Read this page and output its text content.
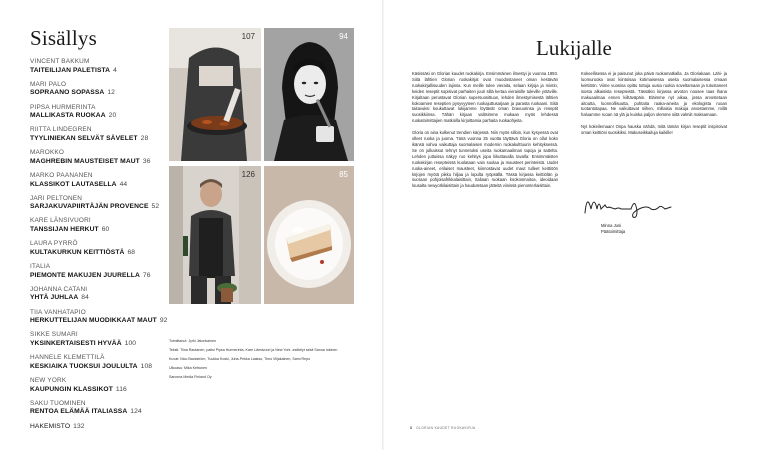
Sisällys
VINCENT BAKKUM
TAITEILIJAN PALETISTA 4
MARI PALO
SOPRAANO SOPASSA 12
PIPSA HURMERINTA
MALLIKASTA RUOKAA 20
RIITTA LINDEGREN
TYYLINIEKAN SELVÄT SÄVELET 28
MAROKKO
MAGHREBIN MAUSTEISET MAUT 36
MARKO PAANANEN
KLASSIKOT LAUTASELLA 44
JARI PELTONEN
SARJAKUVAPIIRTÄJÄN PROVENCE 52
KARE LÄNSIVUORI
TANSSIJAN HERKUT 60
LAURA PYRRÖ
KULTAKURKUN KEITTIÖSTÄ 68
ITALIA
PIEMONTE MAKUJEN JUURELLA 76
JOHANNA CATANI
YHTÄ JUHLAA 84
TIIA VANHATAPIO
HERKUTTELIJAN MUODIKKAAT MAUT 92
SIKKE SUMARI
YKSINKERTAISESTI HYVÄÄ 100
HANNELE KLEMETTILÄ
KESKIAIKA TUOKSUI JOULULTA 108
NEW YORK
KAUPUNGIN KLASSIKOT 116
SAKU TUOMINEN
RENTOA ELÄMÄÄ ITALIASSA 124
HAKEMISTO 132
107	94
126	85

Toimittanut: Jyrki Jalonkainen

Teksti: Tiina Rautanen, paitsi Pipsa Hurmerinta, Kare Länsivuori ja New York -esittelyt sekä Sanna Inkinen

Kuvat: Nico Backström, Tuukka Koski, Juha-Pekka Laakso, Timo Viljakainen, Sami Repo

Ulkoasu: Mika Kettunen

Sanoma Media Finland Oy

Lukijalle

Käsissäsi on Glorian kaudet ruokakirja. Ensimmäinen ilmestyi jo vuonna 1993. Siitä lähtien Glorian ruokakirjat ovat muodostaneet oman kestävän ruokakirjallisuuden lajinsa. Kun meille tulee vieraita, selaan kirjoja ja mietin, keiden reseptit sopisivat parhaiten juuri sillä kertaa vieraisille tuleville ystäville. Kirjaltaan perustavat Glorian supersuosittuun, lehden ilmestymisestä lähtien kokoamien reseptien pysyvyyteen ruokajuttusarjaan ja parasta ruokaani. Siitä taitavuksi koukuttavat lukijamme löytävät oman bravuurinsa ja reseptit suosikkiinsa. Tähän kirjaan valitsimme mukaan myös lehdessä ruokatoimittajien matkoilla kirjoittamia parhaita ruokaohjeita.

Gloria on aina kulkenut trendien kärjessä. Niin myös silloin, kun kysyessä ovat olleet ruoka ja juoma. Tänä vuonna 25 vuotta täyttävä Gloria on ollut koko ikänsä vahva vaikuttaja suomalaisen modernin ruokakulttuurin kehityksessä. Se on julkaissut tehnyt tunnetuksi useita ruokamaailman tapoja ja sattelta. Lehden juttuissa näkyy ruo kehitys jopa liikuttavalla tavalla: Ensimmäisten ruokakirjan resepteissä kuolataan vain suolaa ja mausteet perinteistä. Uudet ruoka-aineet, erilaiset mausteet, kiinnostavat uudet maut tulleet keittiöön kirjojen myötä pikku hiljaa ja lopulta ryöpsällä. Tässä kirjassa keittiölän jo suoraan pohjoisafrikkalaisittain, Italiaan ruokaan kookosmaitoa, ideoidaan lousalta newyorkilaisittain ja haudutetaan jätteitä viinissä pienonterlaisittain.

Kokeellisessa ei ja paisunut joka päivä ruokamatkalla. Ja Gloriakaan. Lähi- ja luomuruoka ovat kiintoisaa kotimaisessa useita suomalaisessa omaan keittiöön. Viime vuosina opittu tuttuja uusia ruokia soveltamaan ja tutustaneet isosta alkaisista resepteistä. Tässäkin kirjassa arvoton nousee taas ihana makuaalmaa ennen kiiltäväpäin. Eläimme nyt aikaa, jossa arvostetaan aitoutta, luonnollisuutta, puhtaita raaka-aineita ja ekologista ruoan tuotantotapaa. Ne vaikuttavat siihen, millaisia makuja arvostamme, millä haluamme ruoan nä ylä ja kuinka paljon olemme siitä valmiit maksamaan.

Nyt kokeilemaan! Onpa hauska nähdä, mitä tämän kirjan reseptit inspiroivat oman keittiöni suosikiksi. Makuseikkailuja kaikille!

Minna Jusi
Päätoimittaja
3 GLORIAN KAUDET RUOKAKIRJA
